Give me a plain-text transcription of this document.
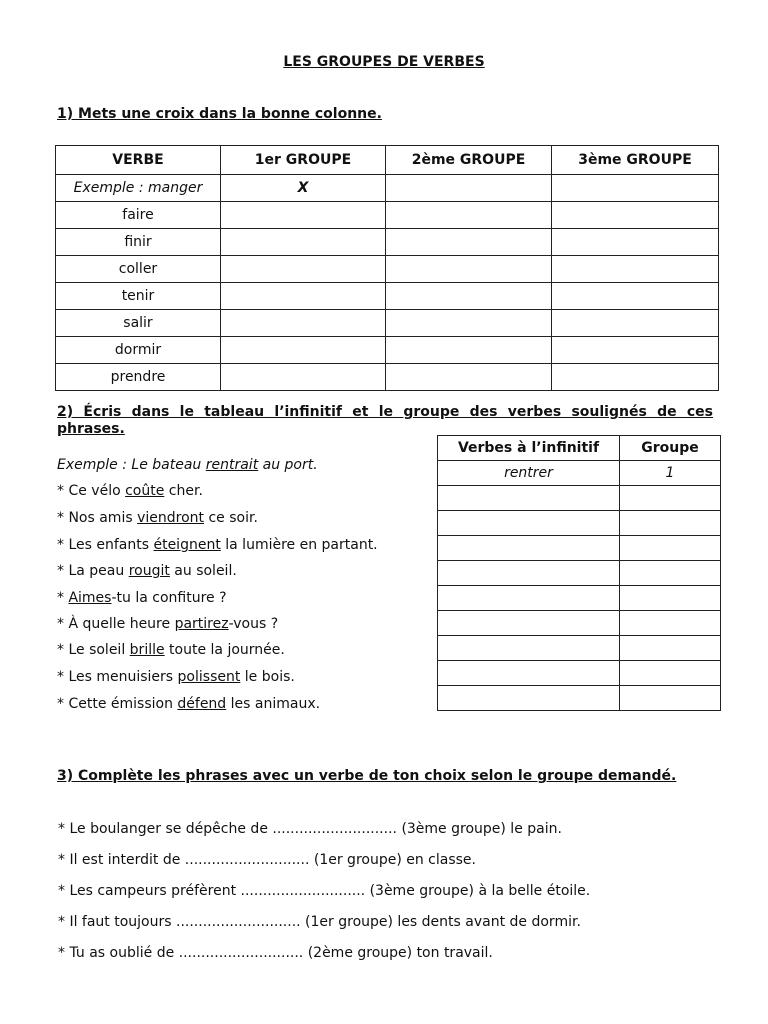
LES GROUPES DE VERBES
1) Mets une croix dans la bonne colonne.
VERBE	1er GROUPE	2ème GROUPE	3ème GROUPE
Exemple : manger	X		
faire			
finir			
coller			
tenir			
salir			
dormir			
prendre			
2) Écris dans le tableau l’infinitif et le groupe des verbes soulignés de ces phrases.
Exemple : Le bateau rentrait au port.
* Ce vélo coûte cher.
* Nos amis viendront ce soir.
* Les enfants éteignent la lumière en partant.
* La peau rougit au soleil.
* Aimes-tu la confiture ?
* À quelle heure partirez-vous ?
* Le soleil brille toute la journée.
* Les menuisiers polissent le bois.
* Cette émission défend les animaux.
Verbes à l’infinitif	Groupe
rentrer	1

3) Complète les phrases avec un verbe de ton choix selon le groupe demandé.
* Le boulanger se dépêche de ............................ (3ème groupe) le pain.
* Il est interdit de ............................ (1er groupe) en classe.
* Les campeurs préfèrent ............................ (3ème groupe) à la belle étoile.
* Il faut toujours ............................ (1er groupe) les dents avant de dormir.
* Tu as oublié de ............................ (2ème groupe) ton travail.
